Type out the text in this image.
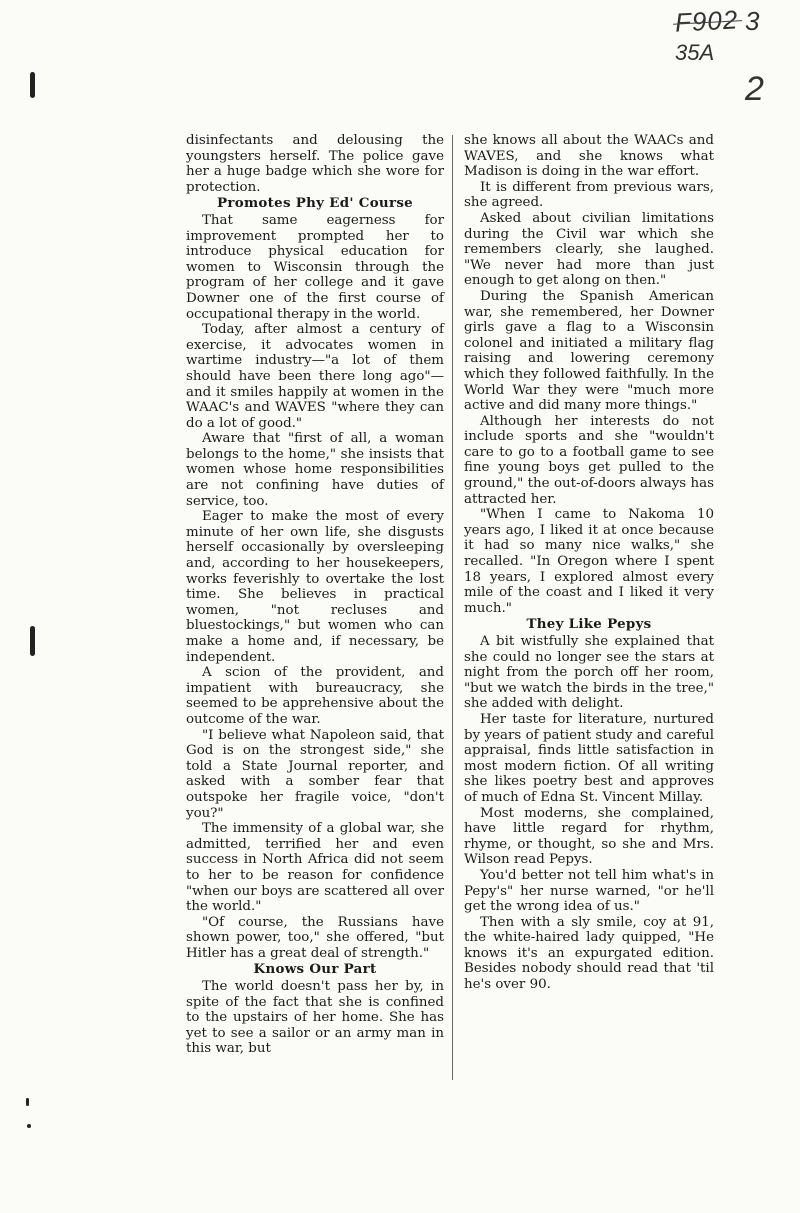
F902
35A
3
2

disinfectants and delousing the youngsters herself. The police gave her a huge badge which she wore for protection.

Promotes Phy Ed' Course

That same eagerness for improvement prompted her to introduce physical education for women to Wisconsin through the program of her college and it gave Downer one of the first course of occupational therapy in the world.

Today, after almost a century of exercise, it advocates women in wartime industry—"a lot of them should have been there long ago"—and it smiles happily at women in the WAAC's and WAVES "where they can do a lot of good."

Aware that "first of all, a woman belongs to the home," she insists that women whose home responsibilities are not confining have duties of service, too.

Eager to make the most of every minute of her own life, she disgusts herself occasionally by oversleeping and, according to her housekeepers, works feverishly to overtake the lost time. She believes in practical women, "not recluses and bluestockings," but women who can make a home and, if necessary, be independent.

A scion of the provident, and impatient with bureaucracy, she seemed to be apprehensive about the outcome of the war.

"I believe what Napoleon said, that God is on the strongest side," she told a State Journal reporter, and asked with a somber fear that outspoke her fragile voice, "don't you?"

The immensity of a global war, she admitted, terrified her and even success in North Africa did not seem to her to be reason for confidence "when our boys are scattered all over the world."

"Of course, the Russians have shown power, too," she offered, "but Hitler has a great deal of strength."

Knows Our Part

The world doesn't pass her by, in spite of the fact that she is confined to the upstairs of her home. She has yet to see a sailor or an army man in this war, but

she knows all about the WAACs and WAVES, and she knows what Madison is doing in the war effort.

It is different from previous wars, she agreed.

Asked about civilian limitations during the Civil war which she remembers clearly, she laughed. "We never had more than just enough to get along on then."

During the Spanish American war, she remembered, her Downer girls gave a flag to a Wisconsin colonel and initiated a military flag raising and lowering ceremony which they followed faithfully. In the World War they were "much more active and did many more things."

Although her interests do not include sports and she "wouldn't care to go to a football game to see fine young boys get pulled to the ground," the out-of-doors always has attracted her.

"When I came to Nakoma 10 years ago, I liked it at once because it had so many nice walks," she recalled. "In Oregon where I spent 18 years, I explored almost every mile of the coast and I liked it very much."

They Like Pepys

A bit wistfully she explained that she could no longer see the stars at night from the porch off her room, "but we watch the birds in the tree," she added with delight.

Her taste for literature, nurtured by years of patient study and careful appraisal, finds little satisfaction in most modern fiction. Of all writing she likes poetry best and approves of much of Edna St. Vincent Millay.

Most moderns, she complained, have little regard for rhythm, rhyme, or thought, so she and Mrs. Wilson read Pepys.

You'd better not tell him what's in Pepy's" her nurse warned, "or he'll get the wrong idea of us."

Then with a sly smile, coy at 91, the white-haired lady quipped, "He knows it's an expurgated edition. Besides nobody should read that 'til he's over 90.
